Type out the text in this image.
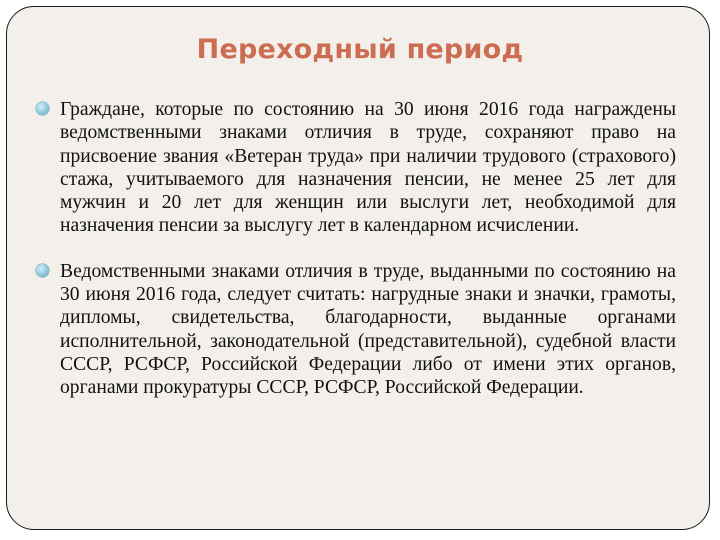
Переходный период
Граждане, которые по состоянию на 30 июня 2016 года награждены ведомственными знаками отличия в труде, сохраняют право на присвоение звания «Ветеран труда» при наличии трудового (страхового) стажа, учитываемого для назначения пенсии, не менее 25 лет для мужчин и 20 лет для женщин или выслуги лет, необходимой для назначения пенсии за выслугу лет в календарном исчислении.
Ведомственными знаками отличия в труде, выданными по состоянию на 30 июня 2016 года, следует считать: нагрудные знаки и значки, грамоты, дипломы, свидетельства, благодарности, выданные органами исполнительной, законодательной (представительной), судебной власти СССР, РСФСР, Российской Федерации либо от имени этих органов, органами прокуратуры СССР, РСФСР, Российской Федерации.
